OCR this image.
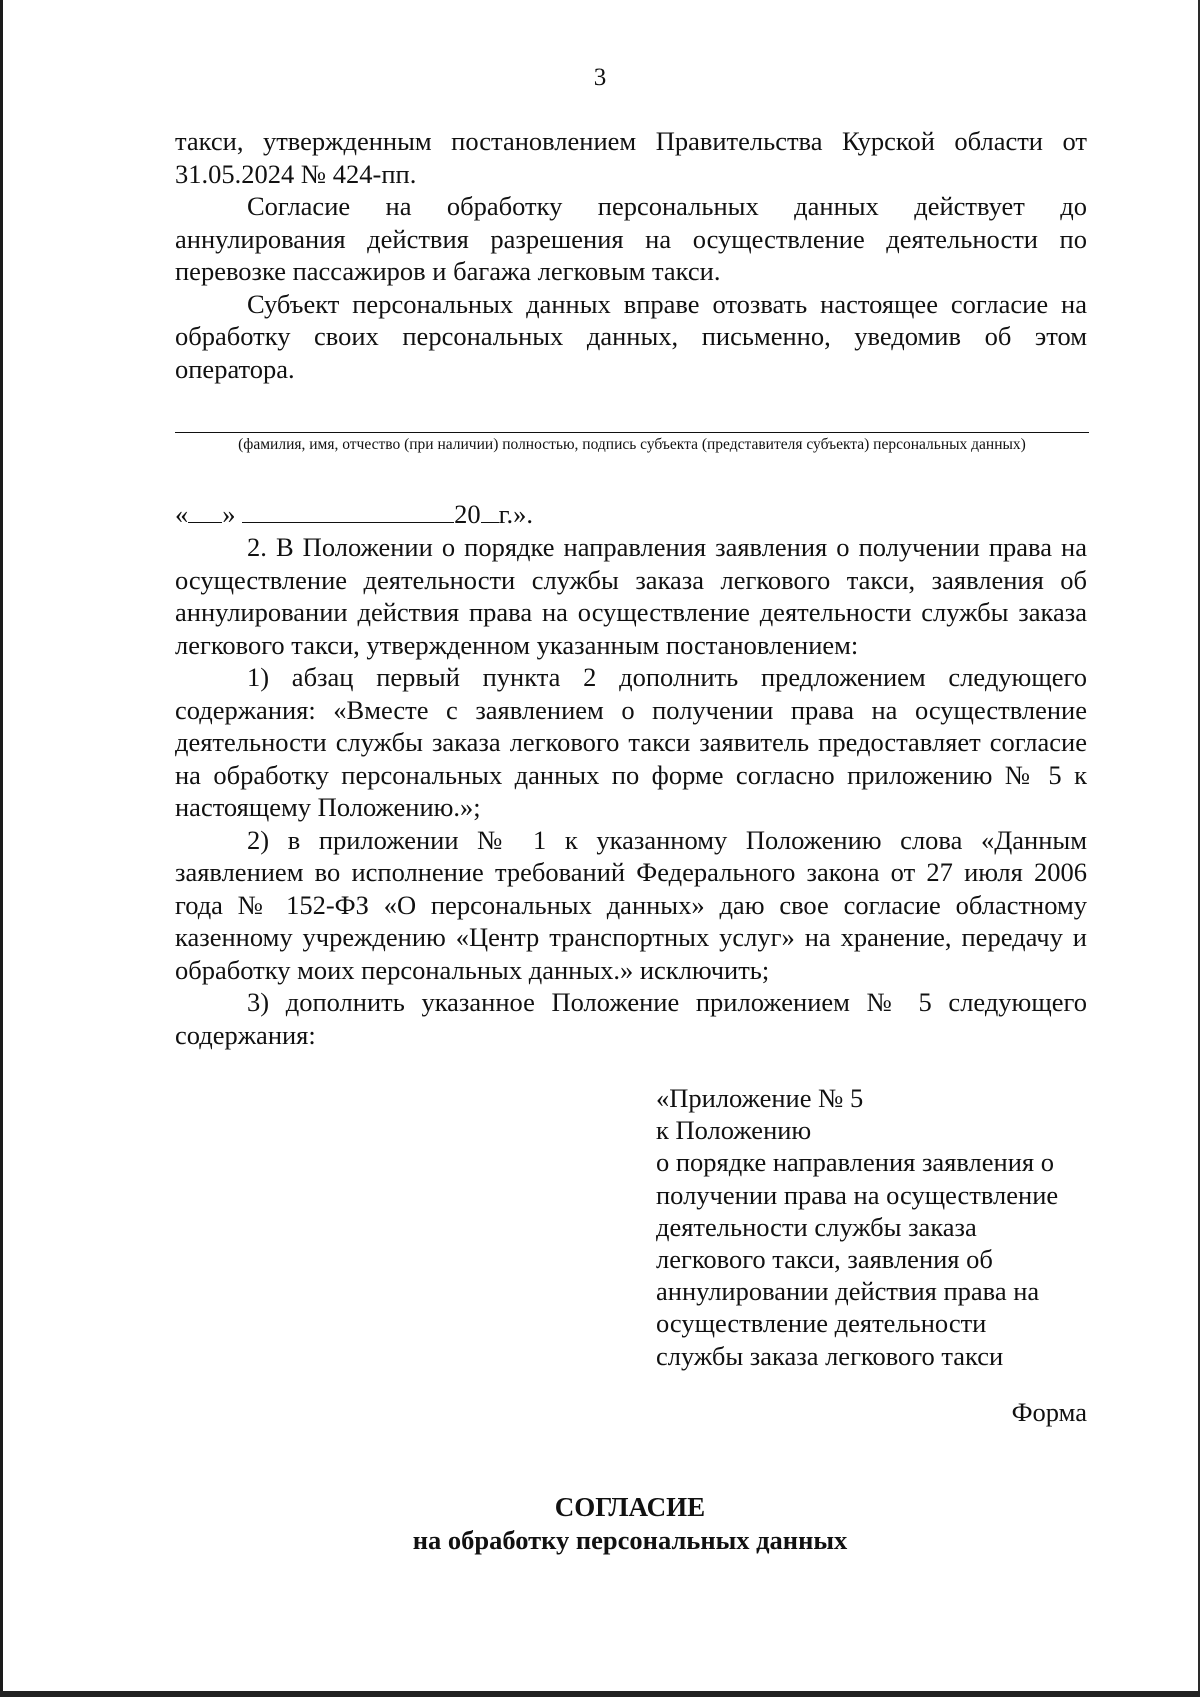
3

такси, утвержденным постановлением Правительства Курской области от 31.05.2024 № 424-пп.

Согласие на обработку персональных данных действует до аннулирования действия разрешения на осуществление деятельности по перевозке пассажиров и багажа легковым такси.

Субъект персональных данных вправе отозвать настоящее согласие на обработку своих персональных данных, письменно, уведомив об этом оператора.

(фамилия, имя, отчество (при наличии) полностью, подпись субъекта (представителя субъекта) персональных данных)
« »	20 г.».

2. В Положении о порядке направления заявления о получении права на осуществление деятельности службы заказа легкового такси, заявления об аннулировании действия права на осуществление деятельности службы заказа легкового такси, утвержденном указанным постановлением:

1) абзац первый пункта 2 дополнить предложением следующего содержания: «Вместе с заявлением о получении права на осуществление деятельности службы заказа легкового такси заявитель предоставляет согласие на обработку персональных данных по форме согласно приложению № 5 к настоящему Положению.»;

2) в приложении № 1 к указанному Положению слова «Данным заявлением во исполнение требований Федерального закона от 27 июля 2006 года № 152-ФЗ «О персональных данных» даю свое согласие областному казенному учреждению «Центр транспортных услуг» на хранение, передачу и обработку моих персональных данных.» исключить;

3) дополнить указанное Положение приложением № 5 следующего содержания:

«Приложение № 5
к Положению
о порядке направления заявления о
получении права на осуществление
деятельности службы заказа
легкового такси, заявления об
аннулировании действия права на
осуществление деятельности
службы заказа легкового такси
Форма
СОГЛАСИЕ
на обработку персональных данных
